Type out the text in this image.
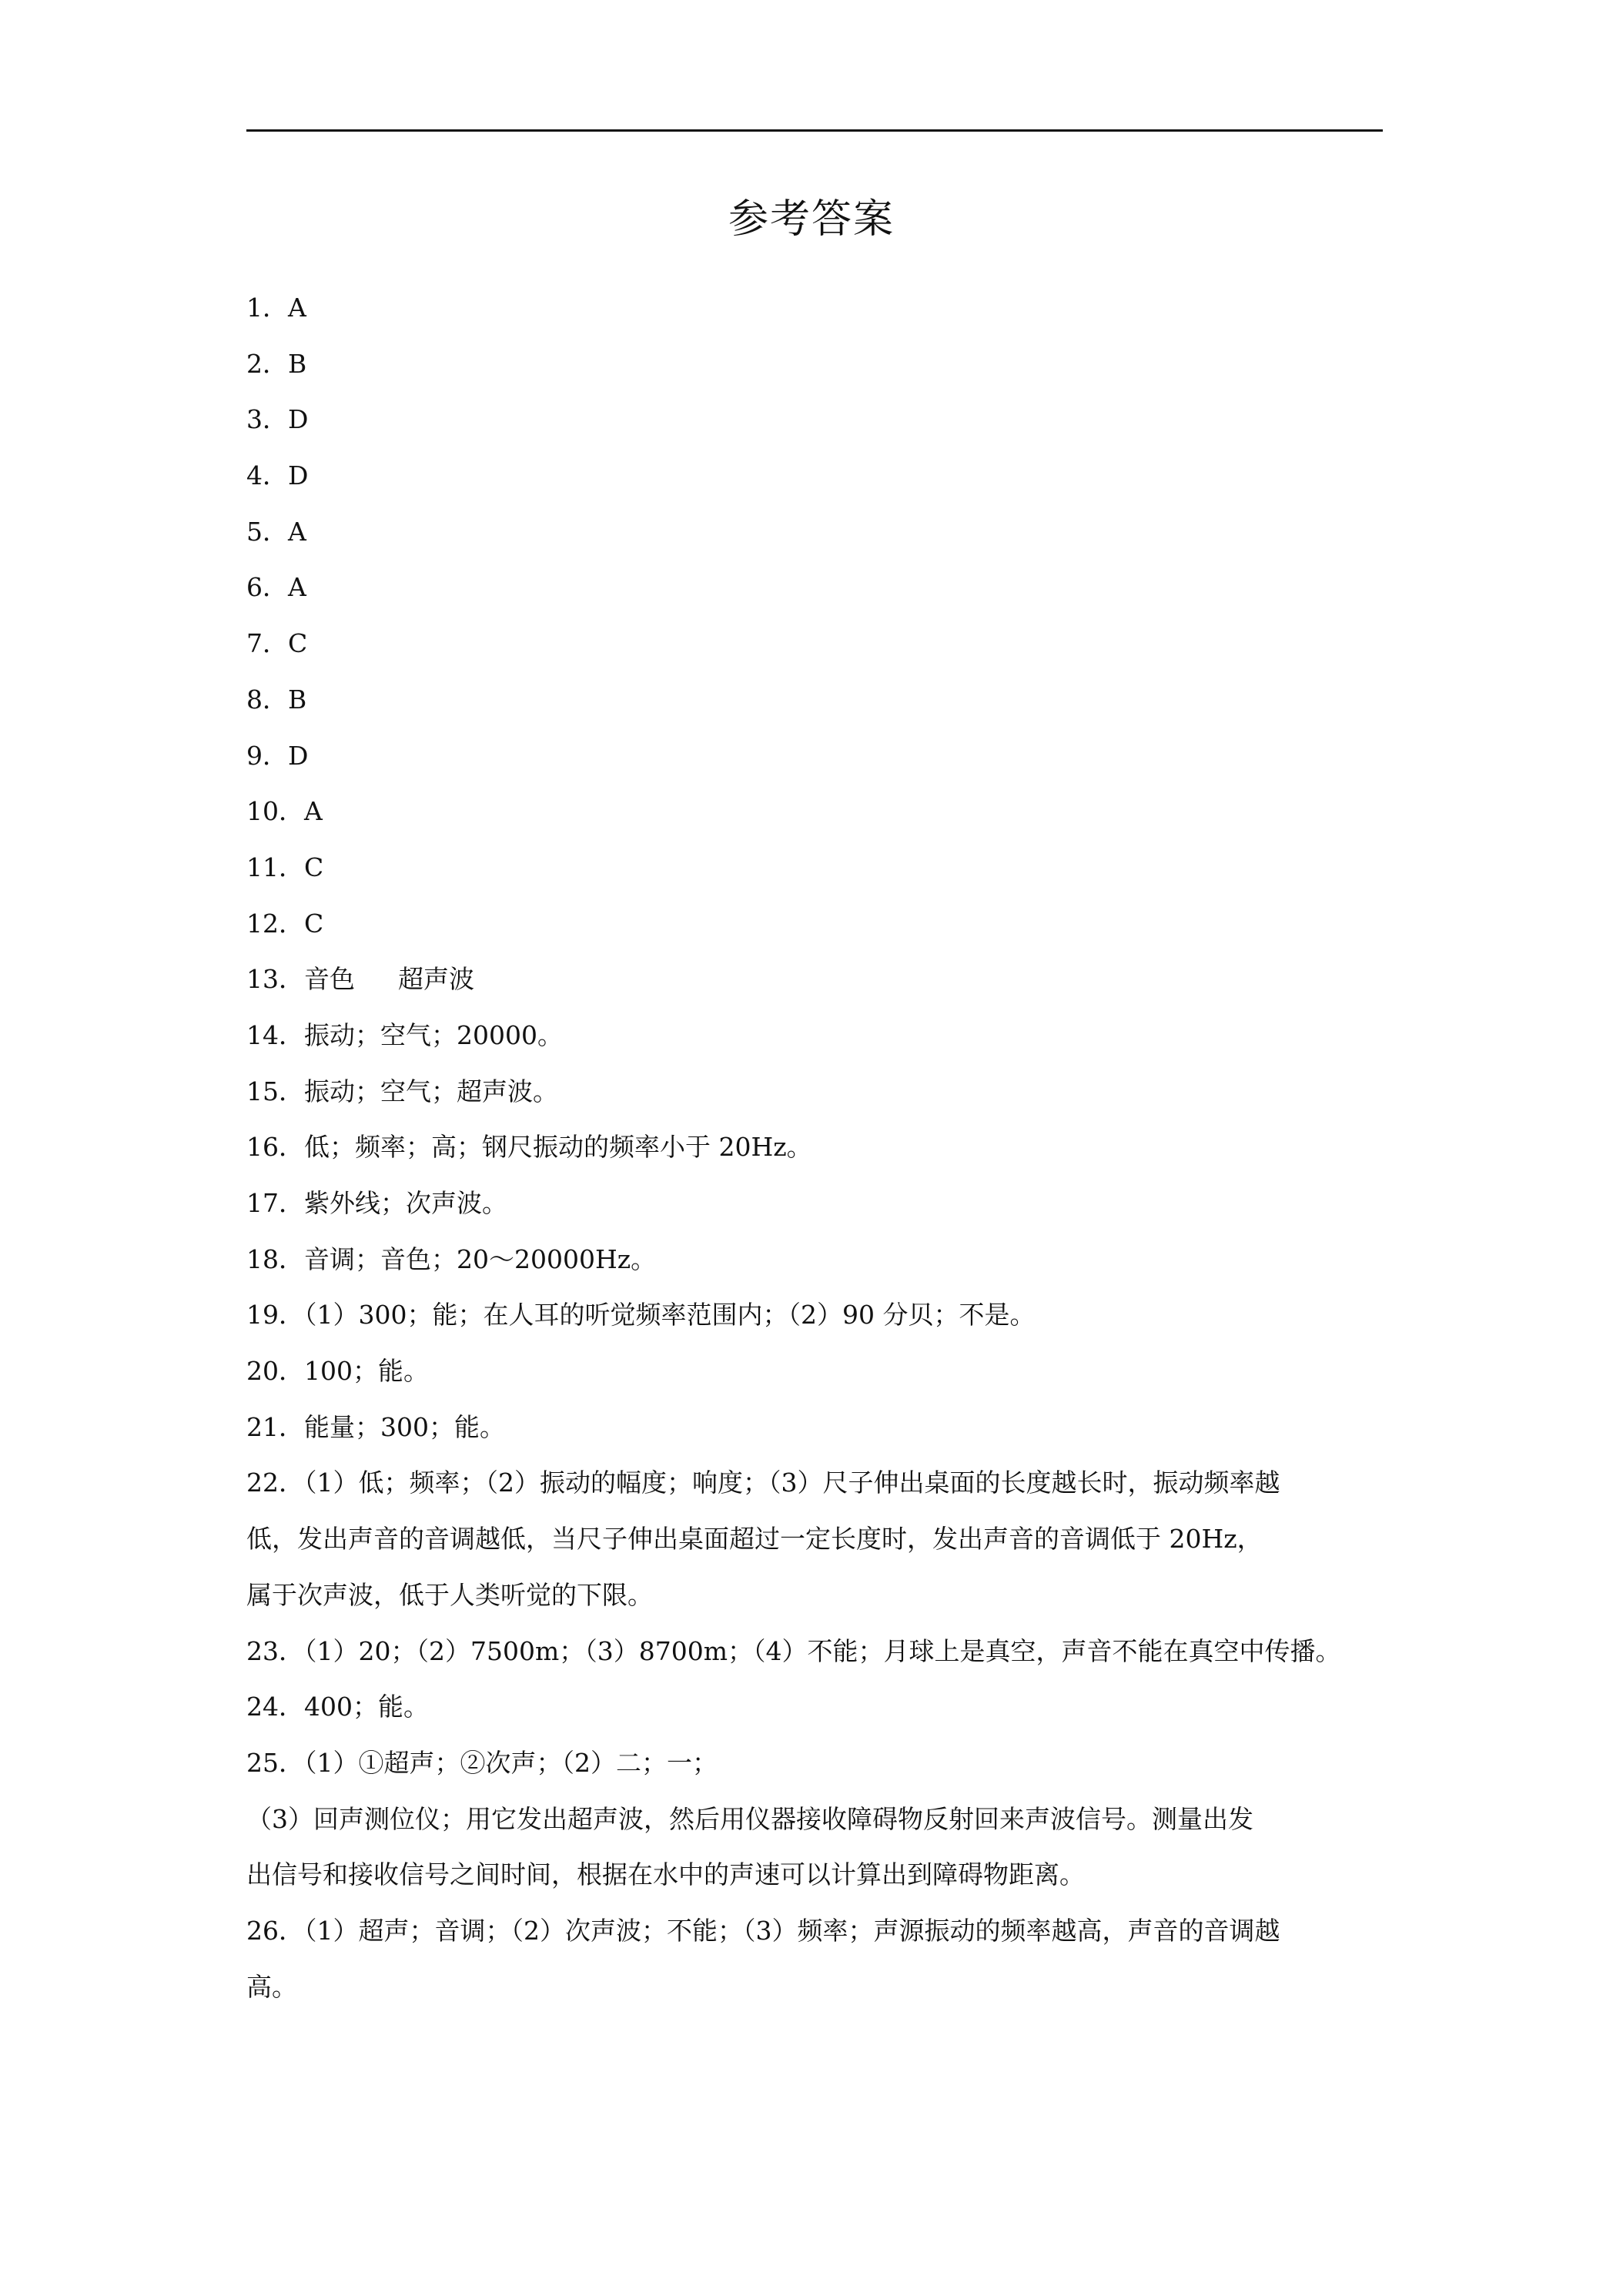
参考答案
1．A
2．B
3．D
4．D
5．A
6．A
7．C
8．B
9．D
10．A
11．C
12．C
13．音色 超声波
14．振动；空气；20000。
15．振动；空气；超声波。
16．低；频率；高；钢尺振动的频率小于 20Hz。
17．紫外线；次声波。
18．音调；音色；20～20000Hz。
19．（1）300；能；在人耳的听觉频率范围内；（2）90 分贝；不是。
20．100；能。
21．能量；300；能。
22．（1）低；频率；（2）振动的幅度；响度；（3）尺子伸出桌面的长度越长时，振动频率越
低，发出声音的音调越低，当尺子伸出桌面超过一定长度时，发出声音的音调低于 20Hz，
属于次声波，低于人类听觉的下限。
23．（1）20；（2）7500m；（3）8700m；（4）不能；月球上是真空，声音不能在真空中传播。
24．400；能。
25．（1）①超声；②次声；（2）二；一；
（3）回声测位仪；用它发出超声波，然后用仪器接收障碍物反射回来声波信号。测量出发
出信号和接收信号之间时间，根据在水中的声速可以计算出到障碍物距离。
26．（1）超声；音调；（2）次声波；不能；（3）频率；声源振动的频率越高，声音的音调越
高。
